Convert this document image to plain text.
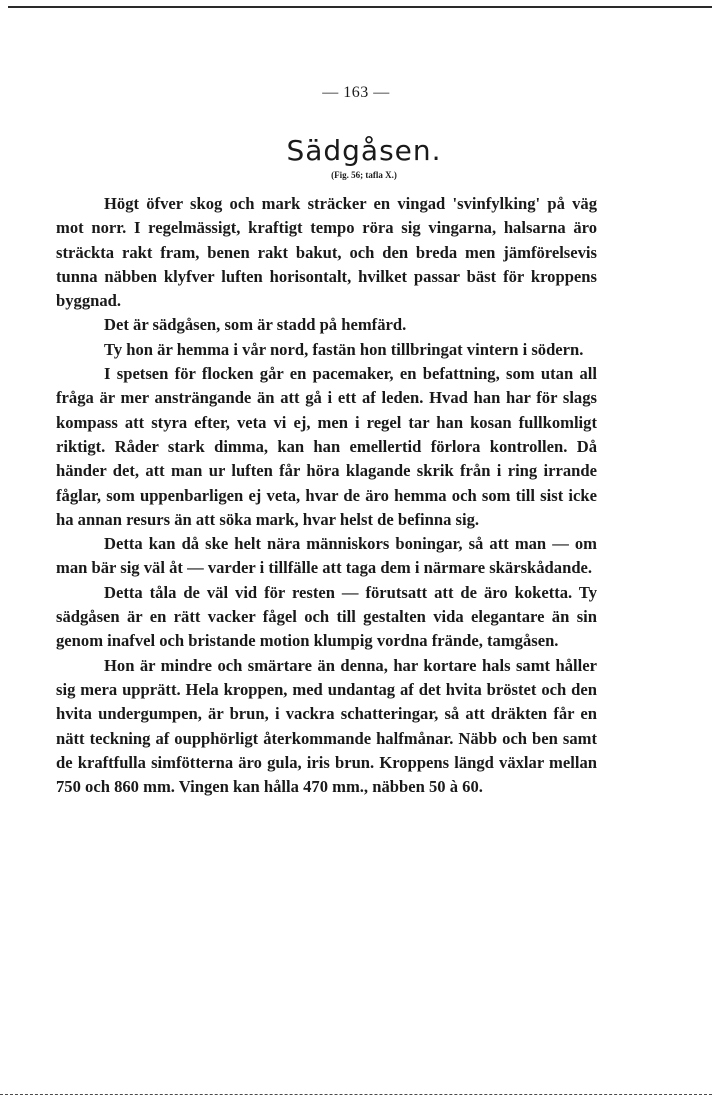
— 163 —
Sädgåsen.
(Fig. 56; tafla X.)

Högt öfver skog och mark sträcker en vingad 'svinfylking' på väg mot norr. I regelmässigt, kraftigt tempo röra sig vingarna, halsarna äro sträckta rakt fram, benen rakt bakut, och den breda men jämförelsevis tunna näbben klyfver luften horisontalt, hvilket passar bäst för kroppens byggnad.

Det är sädgåsen, som är stadd på hemfärd.

Ty hon är hemma i vår nord, fastän hon tillbringat vintern i södern.

I spetsen för flocken går en pacemaker, en befattning, som utan all fråga är mer ansträngande än att gå i ett af leden. Hvad han har för slags kompass att styra efter, veta vi ej, men i regel tar han kosan fullkomligt riktigt. Råder stark dimma, kan han emellertid förlora kontrollen. Då händer det, att man ur luften får höra klagande skrik från i ring irrande fåglar, som uppenbarligen ej veta, hvar de äro hemma och som till sist icke ha annan resurs än att söka mark, hvar helst de befinna sig.

Detta kan då ske helt nära människors boningar, så att man — om man bär sig väl åt — varder i tillfälle att taga dem i närmare skärskådande.

Detta tåla de väl vid för resten — förutsatt att de äro koketta. Ty sädgåsen är en rätt vacker fågel och till gestalten vida elegantare än sin genom inafvel och bristande motion klumpig vordna frände, tamgåsen.

Hon är mindre och smärtare än denna, har kortare hals samt håller sig mera upprätt. Hela kroppen, med undantag af det hvita bröstet och den hvita undergumpen, är brun, i vackra schatteringar, så att dräkten får en nätt teckning af oupphörligt återkommande halfmånar. Näbb och ben samt de kraftfulla simfötterna äro gula, iris brun. Kroppens längd växlar mellan 750 och 860 mm. Vingen kan hålla 470 mm., näbben 50 à 60.
